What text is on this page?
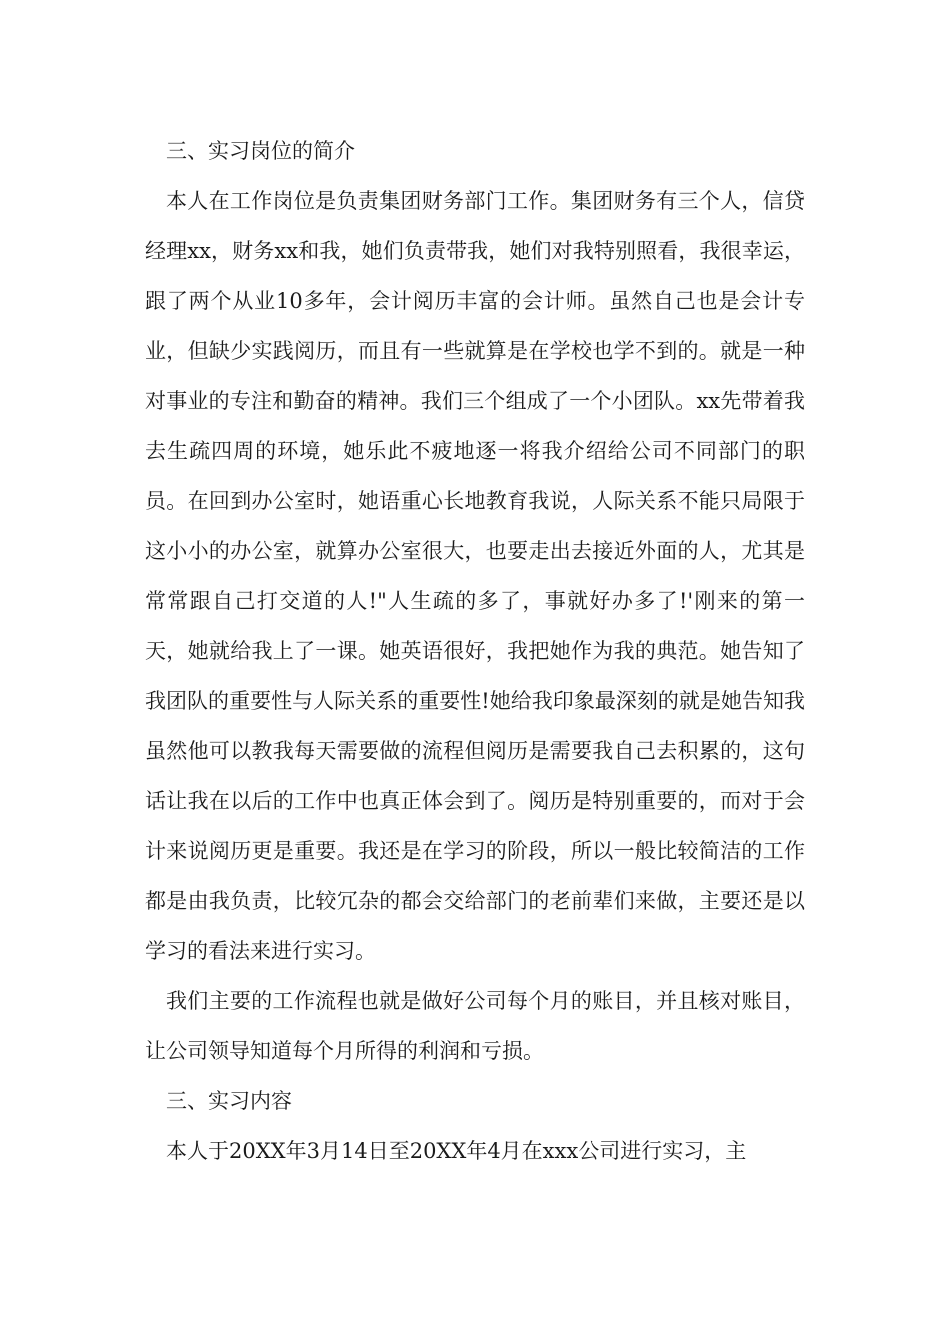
三、实习岗位的简介

本人在工作岗位是负责集团财务部门工作。集团财务有三个人，信贷经理xx，财务xx和我，她们负责带我，她们对我特别照看，我很幸运，跟了两个从业10多年，会计阅历丰富的会计师。虽然自己也是会计专业，但缺少实践阅历，而且有一些就算是在学校也学不到的。就是一种对事业的专注和勤奋的精神。我们三个组成了一个小团队。xx先带着我去生疏四周的环境，她乐此不疲地逐一将我介绍给公司不同部门的职员。在回到办公室时，她语重心长地教育我说，人际关系不能只局限于这小小的办公室，就算办公室很大，也要走出去接近外面的人，尤其是常常跟自己打交道的人!"人生疏的多了，事就好办多了!'刚来的第一天，她就给我上了一课。她英语很好，我把她作为我的典范。她告知了我团队的重要性与人际关系的重要性!她给我印象最深刻的就是她告知我虽然他可以教我每天需要做的流程但阅历是需要我自己去积累的，这句话让我在以后的工作中也真正体会到了。阅历是特别重要的，而对于会计来说阅历更是重要。我还是在学习的阶段，所以一般比较简洁的工作都是由我负责，比较冗杂的都会交给部门的老前辈们来做，主要还是以学习的看法来进行实习。

我们主要的工作流程也就是做好公司每个月的账目，并且核对账目，让公司领导知道每个月所得的利润和亏损。

三、实习内容

本人于20XX年3月14日至20XX年4月在xxx公司进行实习，主
